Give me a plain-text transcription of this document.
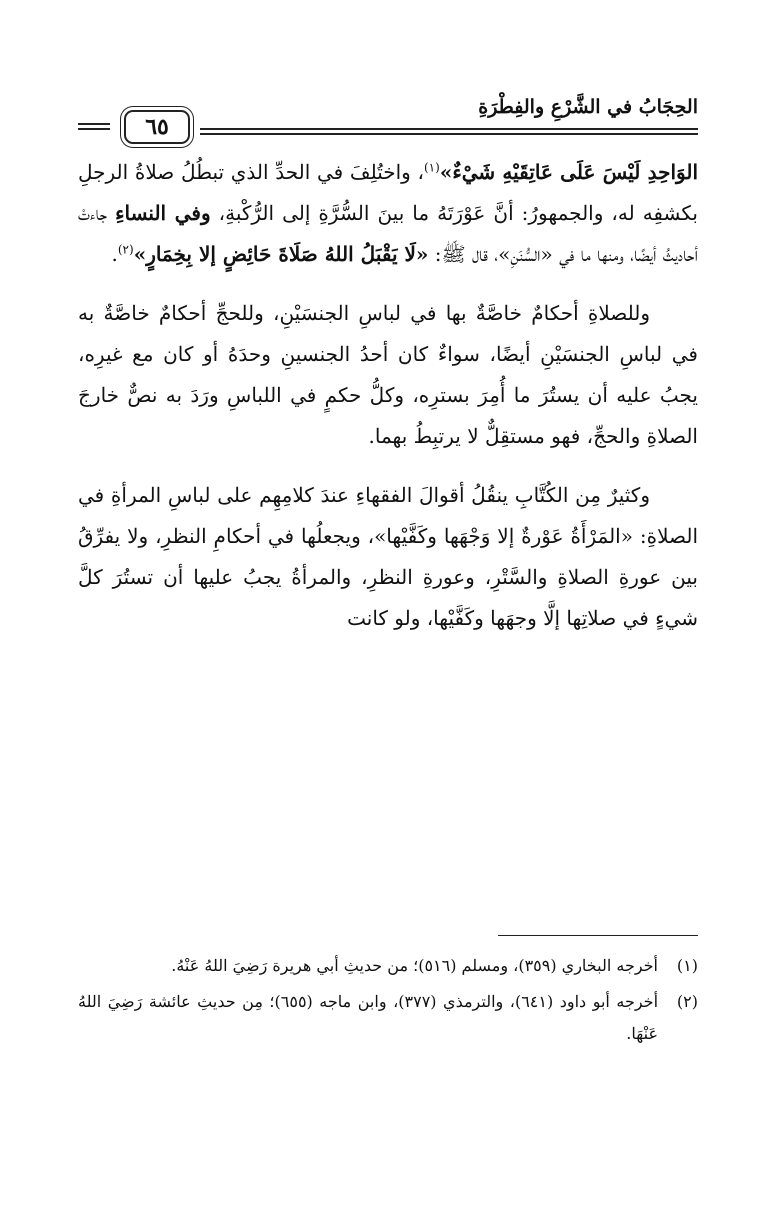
الحِجَابُ في الشَّرْعِ والفِطْرَةِ
٦٥

الوَاحِدِ لَيْسَ عَلَى عَاتِقَيْهِ شَيْءٌ»$^{(١)}$، واختُلِفَ في الحدِّ الذي تبطُلُ صلاةُ الرجلِ بكشفِه له، والجمهورُ: أنَّ عَوْرَتَهُ ما بينَ السُّرَّةِ إلى الرُّكْبةِ، وفي النساءِ جاءتْ أحاديثُ أيضًا، ومنها ما في «السُّنَنِ»، قال ﷺ: «لَا يَقْبَلُ اللهُ صَلَاةَ حَائِضٍ إلا بِخِمَارٍ»$^{(٢)}$.

وللصلاةِ أحكامٌ خاصَّةٌ بها في لباسِ الجنسَيْنِ، وللحجِّ أحكامٌ خاصَّةٌ به في لباسِ الجنسَيْنِ أيضًا، سواءٌ كان أحدُ الجنسينِ وحدَهُ أو كان مع غيرِه، يجبُ عليه أن يستُرَ ما أُمِرَ بسترِه، وكلُّ حكمٍ في اللباسِ ورَدَ به نصٌّ خارجَ الصلاةِ والحجِّ، فهو مستقِلٌّ لا يرتبِطُ بهما.

وكثيرٌ مِن الكُتَّابِ ينقُلُ أقوالَ الفقهاءِ عندَ كلامِهِم على لباسِ المرأةِ في الصلاةِ: «المَرْأَةُ عَوْرةٌ إلا وَجْهَها وكَفَّيْها»، ويجعلُها في أحكامِ النظرِ، ولا يفرِّقُ بين عورةِ الصلاةِ والسَّتْرِ، وعورةِ النظرِ، والمرأةُ يجبُ عليها أن تستُرَ كلَّ شيءٍ في صلاتِها إلَّا وجهَها وكَفَّيْها، ولو كانت

(١)
أخرجه البخاري (٣٥٩)، ومسلم (٥١٦)؛ من حديثِ أبي هريرة رَضِيَ اللهُ عَنْهُ.
(٢)
أخرجه أبو داود (٦٤١)، والترمذي (٣٧٧)، وابن ماجه (٦٥٥)؛ مِن حديثِ عائشة رَضِيَ اللهُ عَنْهَا.
